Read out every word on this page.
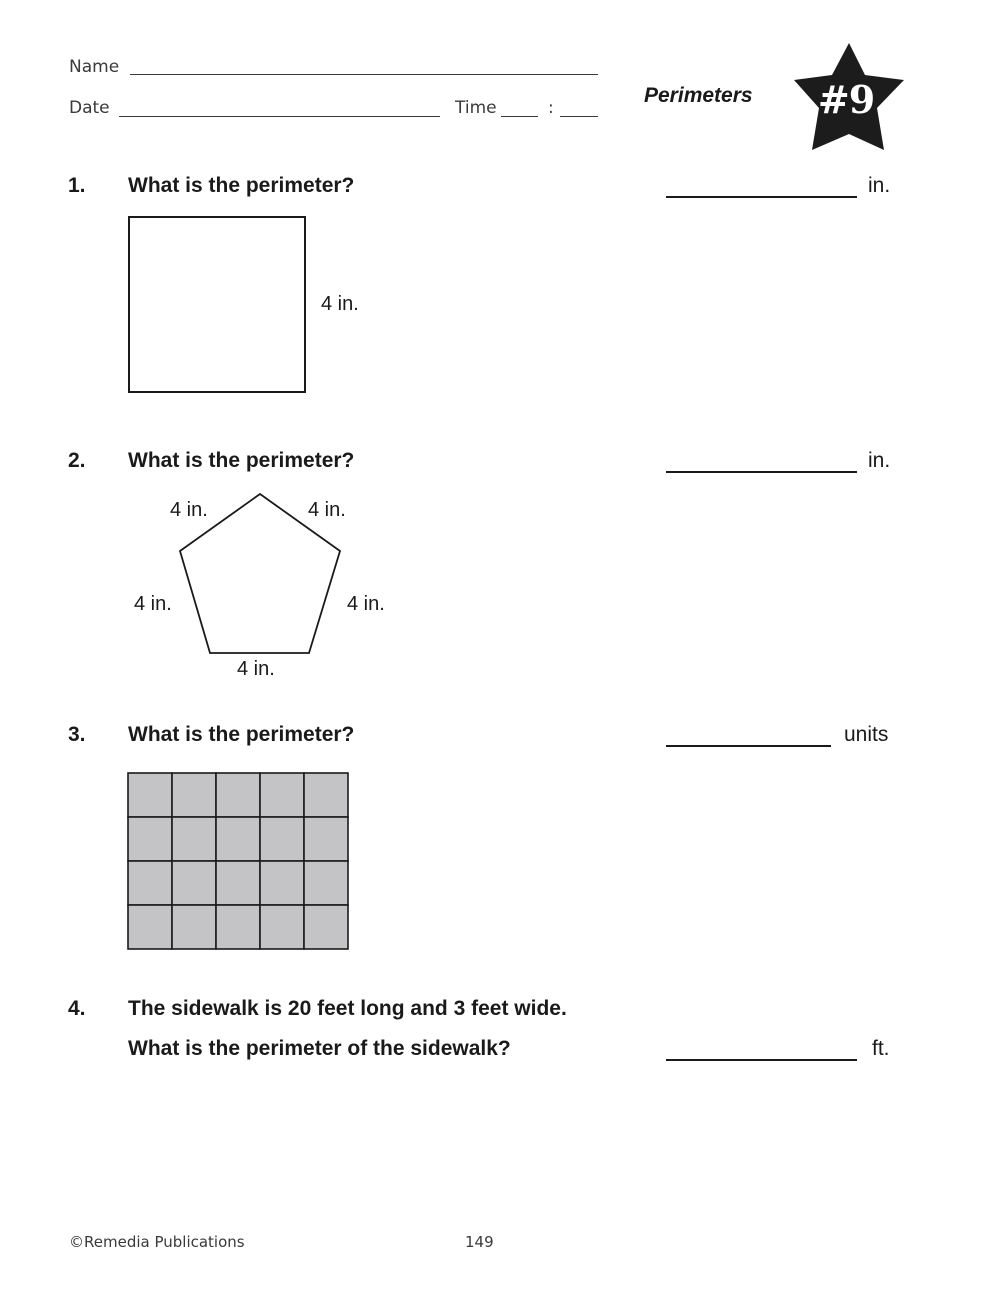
Name
Date	Time	:
Perimeters #9
1. What is the perimeter?	in.
4 in.
2. What is the perimeter?	in.
4 in.	4 in.
4 in.	4 in.
4 in.
3. What is the perimeter?	units
4. The sidewalk is 20 feet long and 3 feet wide.
What is the perimeter of the sidewalk?	ft.
©Remedia Publications	149
